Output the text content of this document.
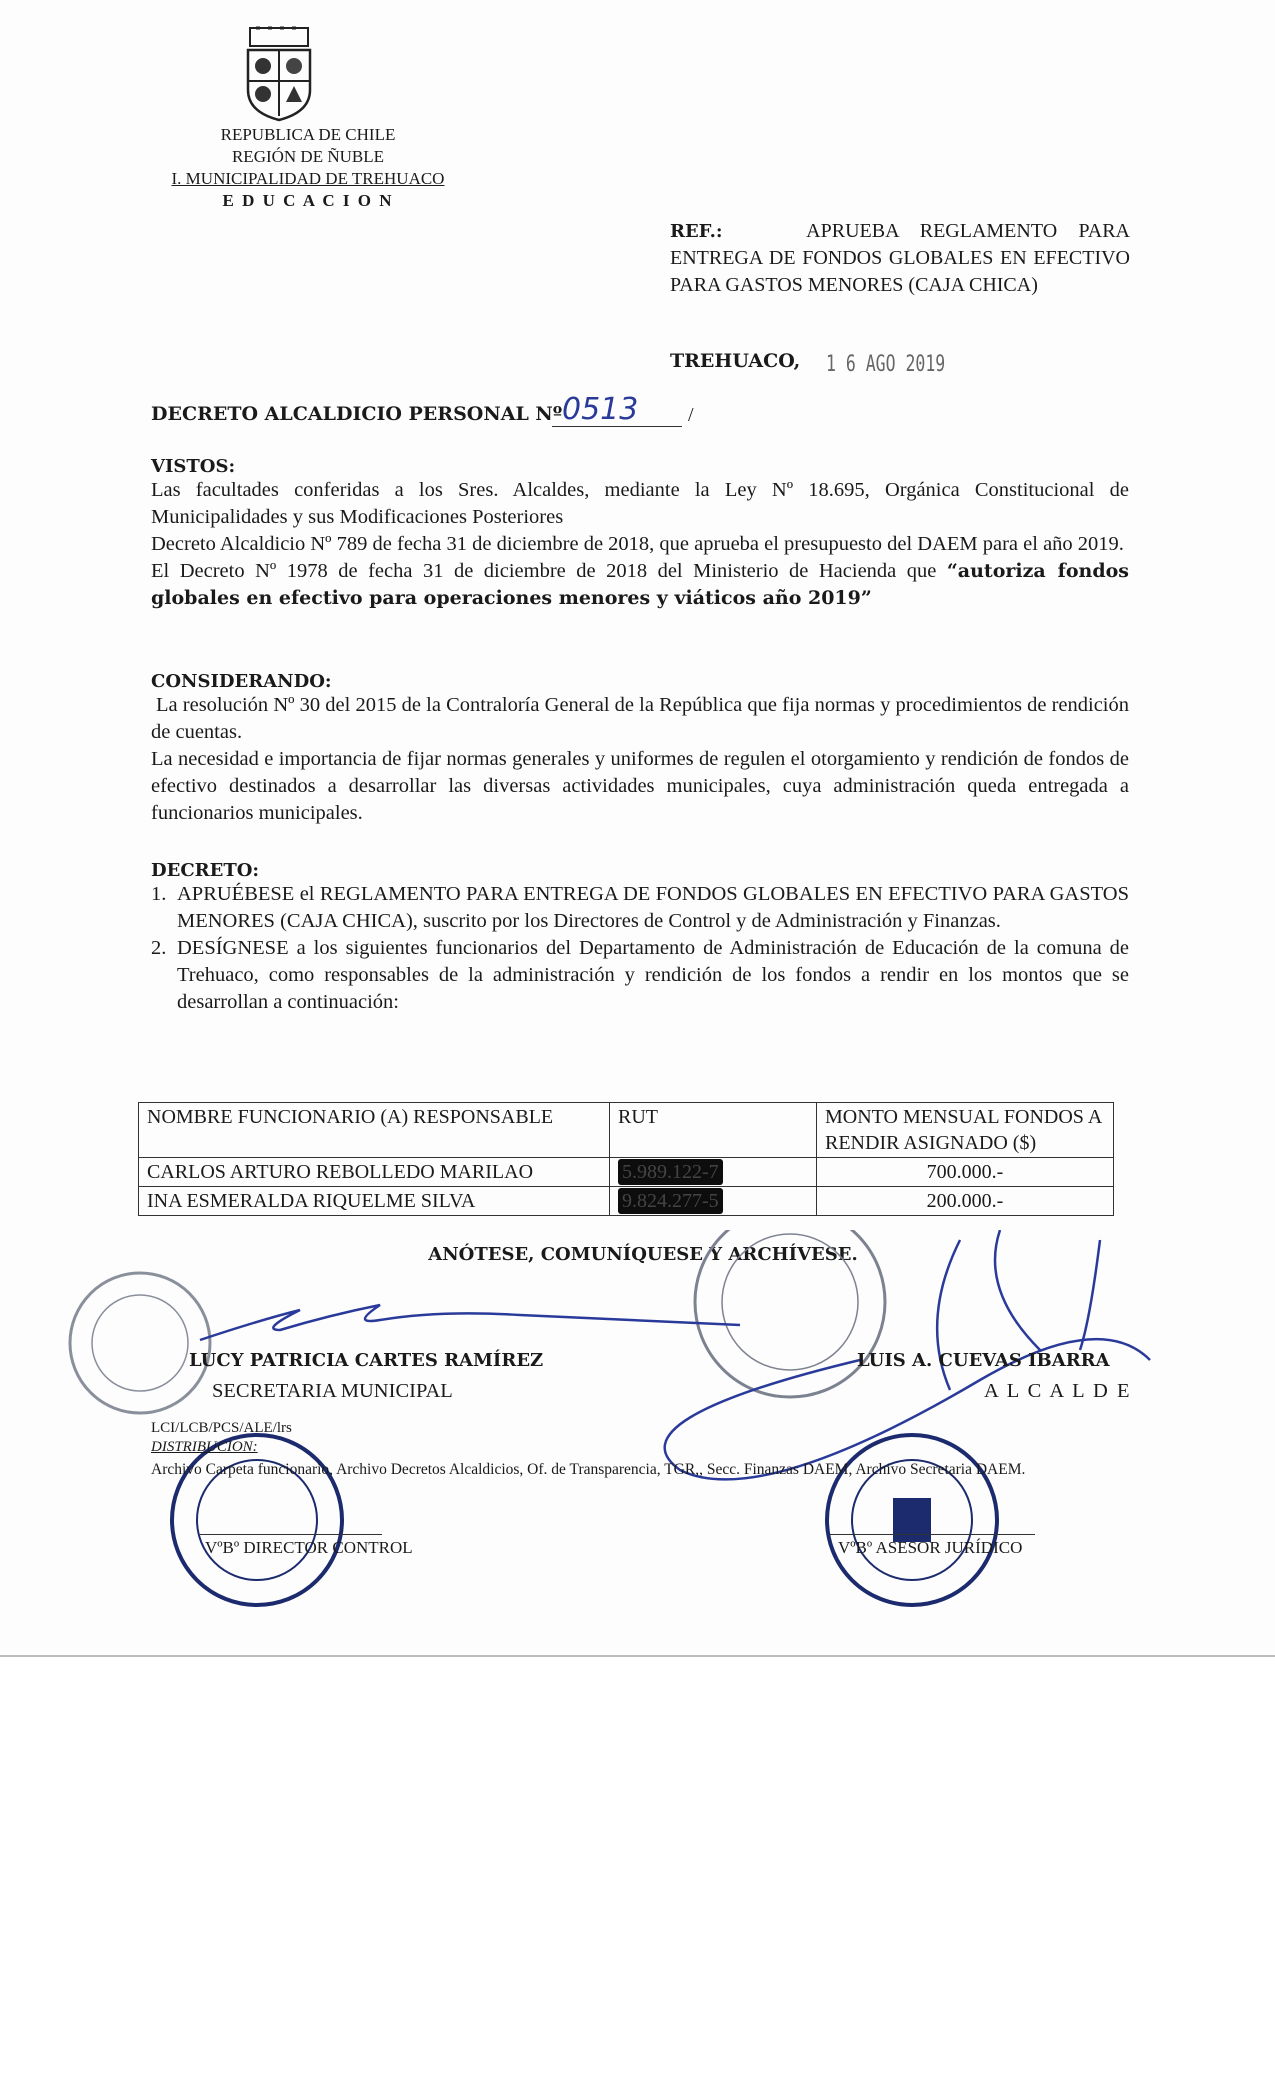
REPUBLICA DE CHILE
REGIÓN DE ÑUBLE
I. MUNICIPALIDAD DE TREHUACO
E D U C A C I O N
REF.:	APRUEBA REGLAMENTO PARA ENTREGA DE FONDOS GLOBALES EN EFECTIVO PARA GASTOS MENORES (CAJA CHICA)
TREHUACO, 1 6 AGO 2019
DECRETO ALCALDICIO PERSONAL Nº 0513 /
VISTOS:
Las facultades conferidas a los Sres. Alcaldes, mediante la Ley Nº 18.695, Orgánica Constitucional de Municipalidades y sus Modificaciones Posteriores
Decreto Alcaldicio Nº 789 de fecha 31 de diciembre de 2018, que aprueba el presupuesto del DAEM para el año 2019.
El Decreto Nº 1978 de fecha 31 de diciembre de 2018 del Ministerio de Hacienda que “autoriza fondos globales en efectivo para operaciones menores y viáticos año 2019”
CONSIDERANDO:
La resolución Nº 30 del 2015 de la Contraloría General de la República que fija normas y procedimientos de rendición de cuentas.
La necesidad e importancia de fijar normas generales y uniformes de regulen el otorgamiento y rendición de fondos de efectivo destinados a desarrollar las diversas actividades municipales, cuya administración queda entregada a funcionarios municipales.
DECRETO:
1. APRUÉBESE el REGLAMENTO PARA ENTREGA DE FONDOS GLOBALES EN EFECTIVO PARA GASTOS MENORES (CAJA CHICA), suscrito por los Directores de Control y de Administración y Finanzas.
2. DESÍGNESE a los siguientes funcionarios del Departamento de Administración de Educación de la comuna de Trehuaco, como responsables de la administración y rendición de los fondos a rendir en los montos que se desarrollan a continuación:
NOMBRE FUNCIONARIO (A) RESPONSABLE	RUT	MONTO MENSUAL FONDOS A RENDIR ASIGNADO ($)
CARLOS ARTURO REBOLLEDO MARILAO	5.989.122-7	700.000.-
INA ESMERALDA RIQUELME SILVA	9.824.277-5	200.000.-
ANÓTESE, COMUNÍQUESE Y ARCHÍVESE.
LUCY PATRICIA CARTES RAMÍREZ
SECRETARIA MUNICIPAL
LUIS A. CUEVAS IBARRA
A L C A L D E
LCI/LCB/PCS/ALE/lrs
DISTRIBUCION:
Archivo Carpeta funcionario, Archivo Decretos Alcaldicios, Of. de Transparencia, TGR,, Secc. Finanzas DAEM, Archivo Secretaria DAEM.
VºBº DIRECTOR CONTROL	VºBº ASESOR JURÍDICO
